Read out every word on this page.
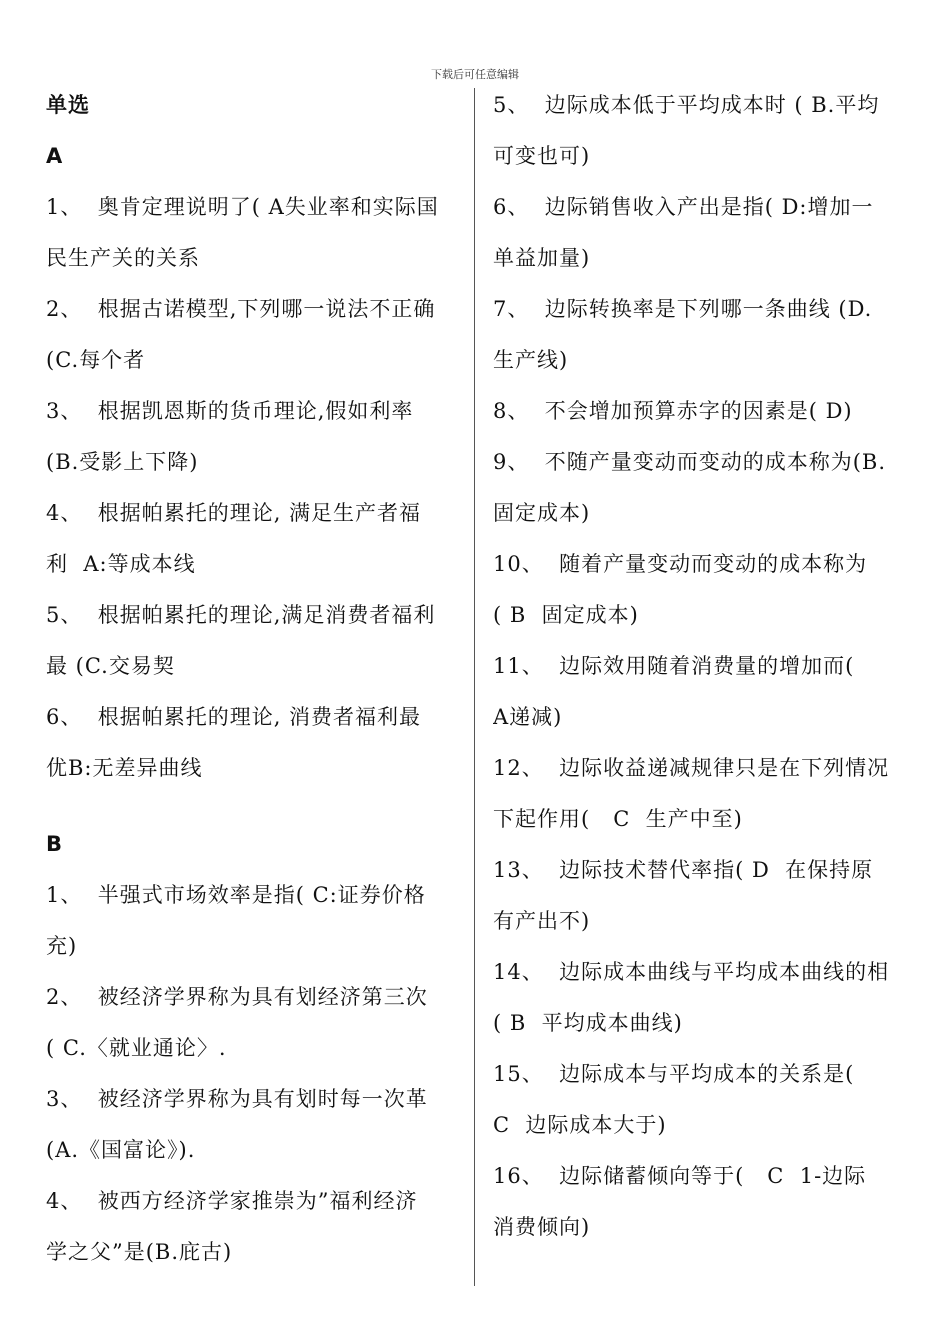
下载后可任意编辑
单选
A
1、  奥肯定理说明了( A失业率和实际国
民生产关的关系
2、  根据古诺模型,下列哪一说法不正确
(C.每个者
3、  根据凯恩斯的货币理论,假如利率
(B.受影上下降)
4、  根据帕累托的理论, 满足生产者福
利  A:等成本线
5、  根据帕累托的理论,满足消费者福利
最 (C.交易契
6、  根据帕累托的理论, 消费者福利最
优B:无差异曲线
B
1、  半强式市场效率是指( C:证券价格
充)
2、  被经济学界称为具有划经济第三次
( C.〈就业通论〉.
3、  被经济学界称为具有划时每一次革
(A.《国富论》).
4、  被西方经济学家推崇为”福利经济
学之父”是(B.庇古)
5、  边际成本低于平均成本时 ( B.平均
可变也可)
6、  边际销售收入产出是指( D:增加一
单益加量)
7、  边际转换率是下列哪一条曲线 (D.
生产线)
8、  不会增加预算赤字的因素是( D)
9、  不随产量变动而变动的成本称为(B.
固定成本)
10、  随着产量变动而变动的成本称为
( B  固定成本)
11、  边际效用随着消费量的增加而(
A递减)
12、  边际收益递减规律只是在下列情况
下起作用(   C  生产中至)
13、  边际技术替代率指( D  在保持原
有产出不)
14、  边际成本曲线与平均成本曲线的相
( B  平均成本曲线)
15、  边际成本与平均成本的关系是(
C  边际成本大于)
16、  边际储蓄倾向等于(   C  1-边际
消费倾向)
